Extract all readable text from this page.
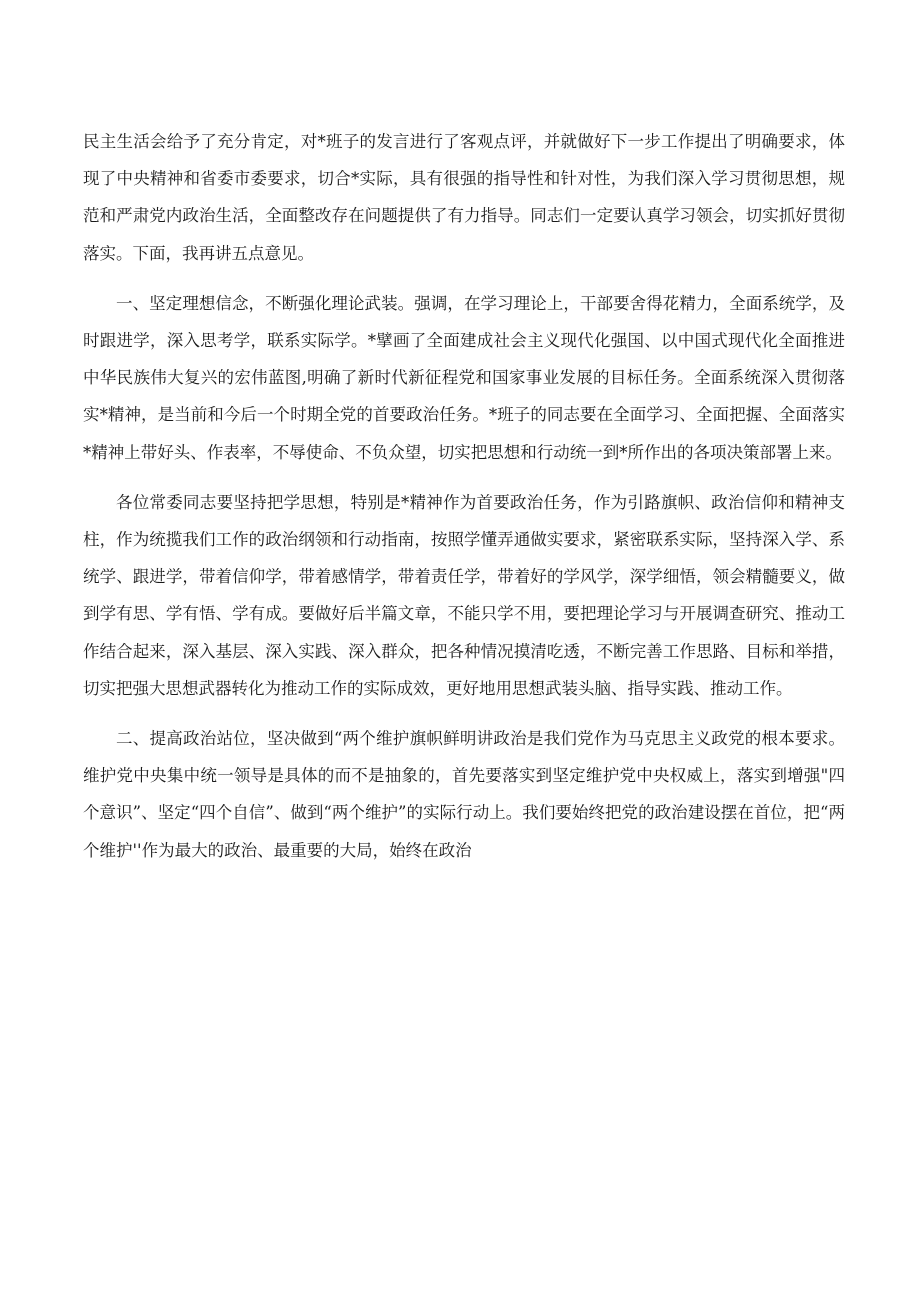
民主生活会给予了充分肯定，对*班子的发言进行了客观点评，并就做好下一步工作提出了明确要求，体现了中央精神和省委市委要求，切合*实际，具有很强的指导性和针对性，为我们深入学习贯彻思想，规范和严肃党内政治生活，全面整改存在问题提供了有力指导。同志们一定要认真学习领会，切实抓好贯彻落实。下面，我再讲五点意见。

一、坚定理想信念，不断强化理论武装。强调，在学习理论上，干部要舍得花精力，全面系统学，及时跟进学，深入思考学，联系实际学。*擘画了全面建成社会主义现代化强国、以中国式现代化全面推进中华民族伟大复兴的宏伟蓝图,明确了新时代新征程党和国家事业发展的目标任务。全面系统深入贯彻落实*精神，是当前和今后一个时期全党的首要政治任务。*班子的同志要在全面学习、全面把握、全面落实*精神上带好头、作表率，不辱使命、不负众望，切实把思想和行动统一到*所作出的各项决策部署上来。

各位常委同志要坚持把学思想，特别是*精神作为首要政治任务，作为引路旗帜、政治信仰和精神支柱，作为统揽我们工作的政治纲领和行动指南，按照学懂弄通做实要求，紧密联系实际，坚持深入学、系统学、跟进学，带着信仰学，带着感情学，带着责任学，带着好的学风学，深学细悟，领会精髓要义，做到学有思、学有悟、学有成。要做好后半篇文章，不能只学不用，要把理论学习与开展调查研究、推动工作结合起来，深入基层、深入实践、深入群众，把各种情况摸清吃透，不断完善工作思路、目标和举措，切实把强大思想武器转化为推动工作的实际成效，更好地用思想武装头脑、指导实践、推动工作。

二、提高政治站位，坚决做到“两个维护旗帜鲜明讲政治是我们党作为马克思主义政党的根本要求。维护党中央集中统一领导是具体的而不是抽象的，首先要落实到坚定维护党中央权威上，落实到增强"四个意识”、坚定“四个自信”、做到“两个维护”的实际行动上。我们要始终把党的政治建设摆在首位，把“两个维护''作为最大的政治、最重要的大局，始终在政治
